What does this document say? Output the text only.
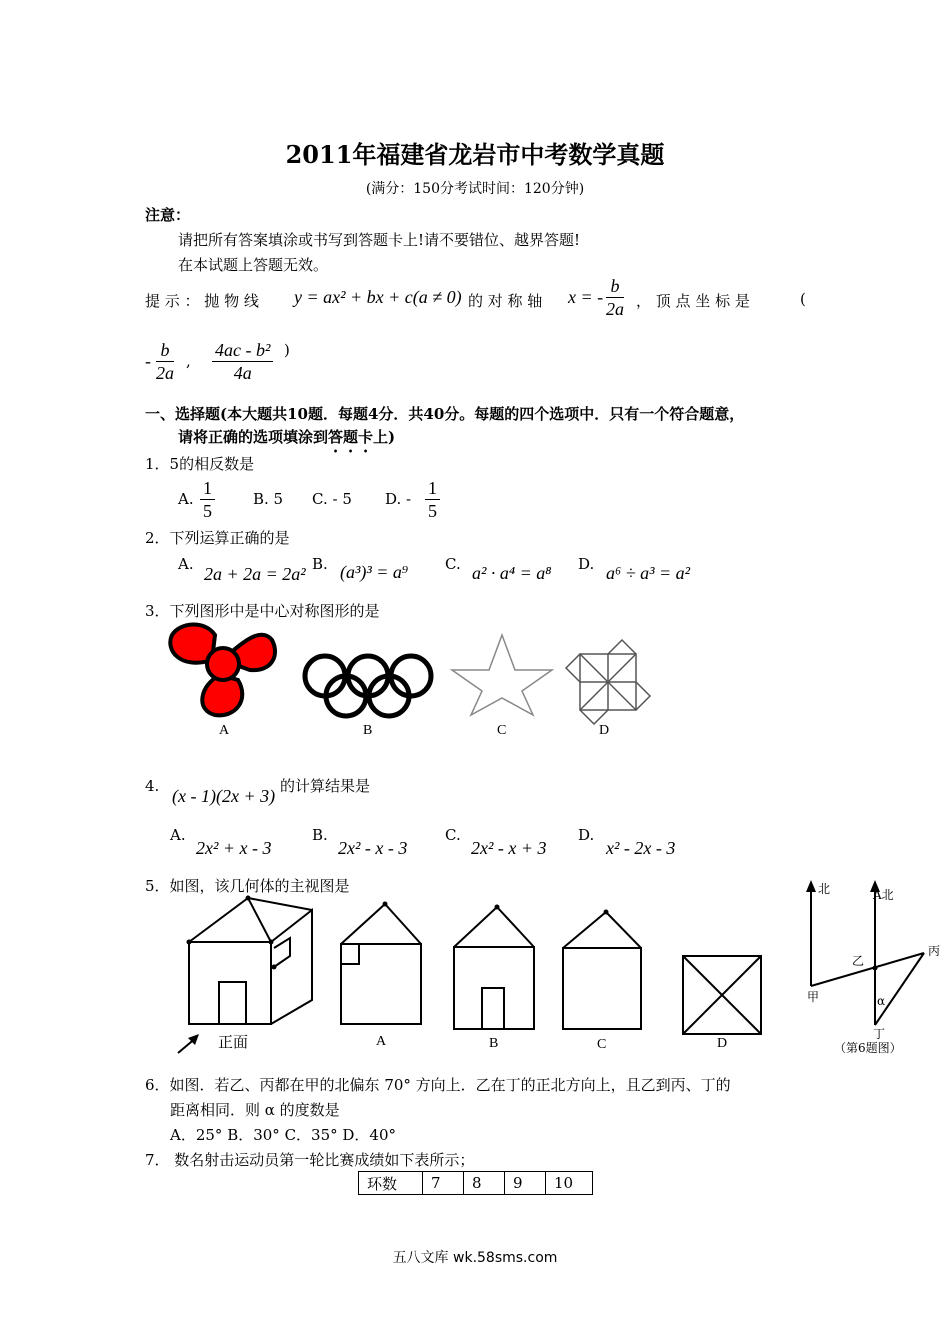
2011年福建省龙岩市中考数学真题
(满分：150分考试时间：120分钟)
注意：
请把所有答案填涂或书写到答题卡上!请不要错位、越界答题!
在本试题上答题无效。
提 示 ： 抛 物 线 y = ax² + bx + c(a ≠ 0) 的 对 称 轴 x = - $\frac{b}{2a}$ ， 顶 点 坐 标 是	(
- $\frac{b}{2a}$ , $\frac{\text{4ac - b²}}{4a}$ )
一、选择题(本大题共10题．每题4分．共40分。每题的四个选项中．只有一个符合题意，
请将正确的选项填涂到答题卡上)
1．5的相反数是
A. $\frac{1}{5}$	B. 5 C. - 5 D. - $\frac{1}{5}$
2．下列运算正确的是
A. 2a + 2a = 2a² B. (a³)³ = a⁹ C. a² · a⁴ = a⁸ D. a⁶ ÷ a³ = a²
3．下列图形中是中心对称图形的是
A	B	C	D
4. (x - 1)(2x + 3) 的计算结果是
A.
2x² + x - 3
B.
2x² - x - 3
C.
2x² - x + 3
D.
x² - 2x - 3
5．如图，该几何体的主视图是
正面	A	B	C	D
北	A北
乙
丙
甲	α
丁
（第6题图）
6．如图．若乙、丙都在甲的北偏东 70° 方向上．乙在丁的正北方向上，且乙到丙、丁的
距离相同．则 α 的度数是
A．25° B．30° C．35° D．40°
7． 数名射击运动员第一轮比赛成绩如下表所示；
环数	7	8	9	10
五八文库 wk.58sms.com
